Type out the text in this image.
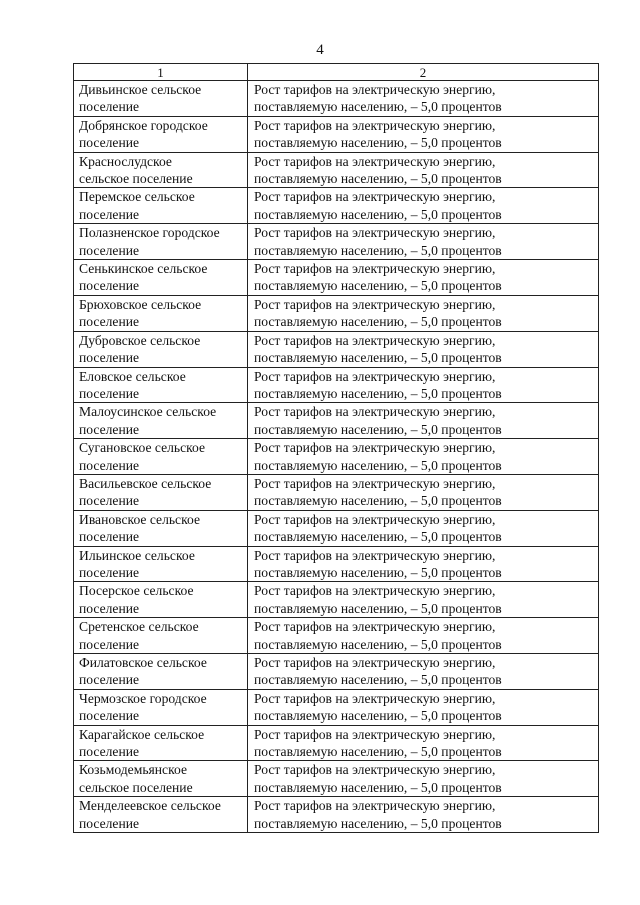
4
1	2

Дивьинское сельское
поселение	Рост тарифов на электрическую энергию,
поставляемую населению, – 5,0 процентов

Добрянское городское
поселение	Рост тарифов на электрическую энергию,
поставляемую населению, – 5,0 процентов

Краснослудское
сельское поселение	Рост тарифов на электрическую энергию,
поставляемую населению, – 5,0 процентов

Перемское сельское
поселение	Рост тарифов на электрическую энергию,
поставляемую населению, – 5,0 процентов

Полазненское городское
поселение	Рост тарифов на электрическую энергию,
поставляемую населению, – 5,0 процентов

Сенькинское сельское
поселение	Рост тарифов на электрическую энергию,
поставляемую населению, – 5,0 процентов

Брюховское сельское
поселение	Рост тарифов на электрическую энергию,
поставляемую населению, – 5,0 процентов

Дубровское сельское
поселение	Рост тарифов на электрическую энергию,
поставляемую населению, – 5,0 процентов

Еловское сельское
поселение	Рост тарифов на электрическую энергию,
поставляемую населению, – 5,0 процентов

Малоусинское сельское
поселение	Рост тарифов на электрическую энергию,
поставляемую населению, – 5,0 процентов

Сугановское сельское
поселение	Рост тарифов на электрическую энергию,
поставляемую населению, – 5,0 процентов

Васильевское сельское
поселение	Рост тарифов на электрическую энергию,
поставляемую населению, – 5,0 процентов

Ивановское сельское
поселение	Рост тарифов на электрическую энергию,
поставляемую населению, – 5,0 процентов

Ильинское сельское
поселение	Рост тарифов на электрическую энергию,
поставляемую населению, – 5,0 процентов

Посерское сельское
поселение	Рост тарифов на электрическую энергию,
поставляемую населению, – 5,0 процентов

Сретенское сельское
поселение	Рост тарифов на электрическую энергию,
поставляемую населению, – 5,0 процентов

Филатовское сельское
поселение	Рост тарифов на электрическую энергию,
поставляемую населению, – 5,0 процентов

Чермозское городское
поселение	Рост тарифов на электрическую энергию,
поставляемую населению, – 5,0 процентов

Карагайское сельское
поселение	Рост тарифов на электрическую энергию,
поставляемую населению, – 5,0 процентов

Козьмодемьянское
сельское поселение	Рост тарифов на электрическую энергию,
поставляемую населению, – 5,0 процентов

Менделеевское сельское
поселение	Рост тарифов на электрическую энергию,
поставляемую населению, – 5,0 процентов
